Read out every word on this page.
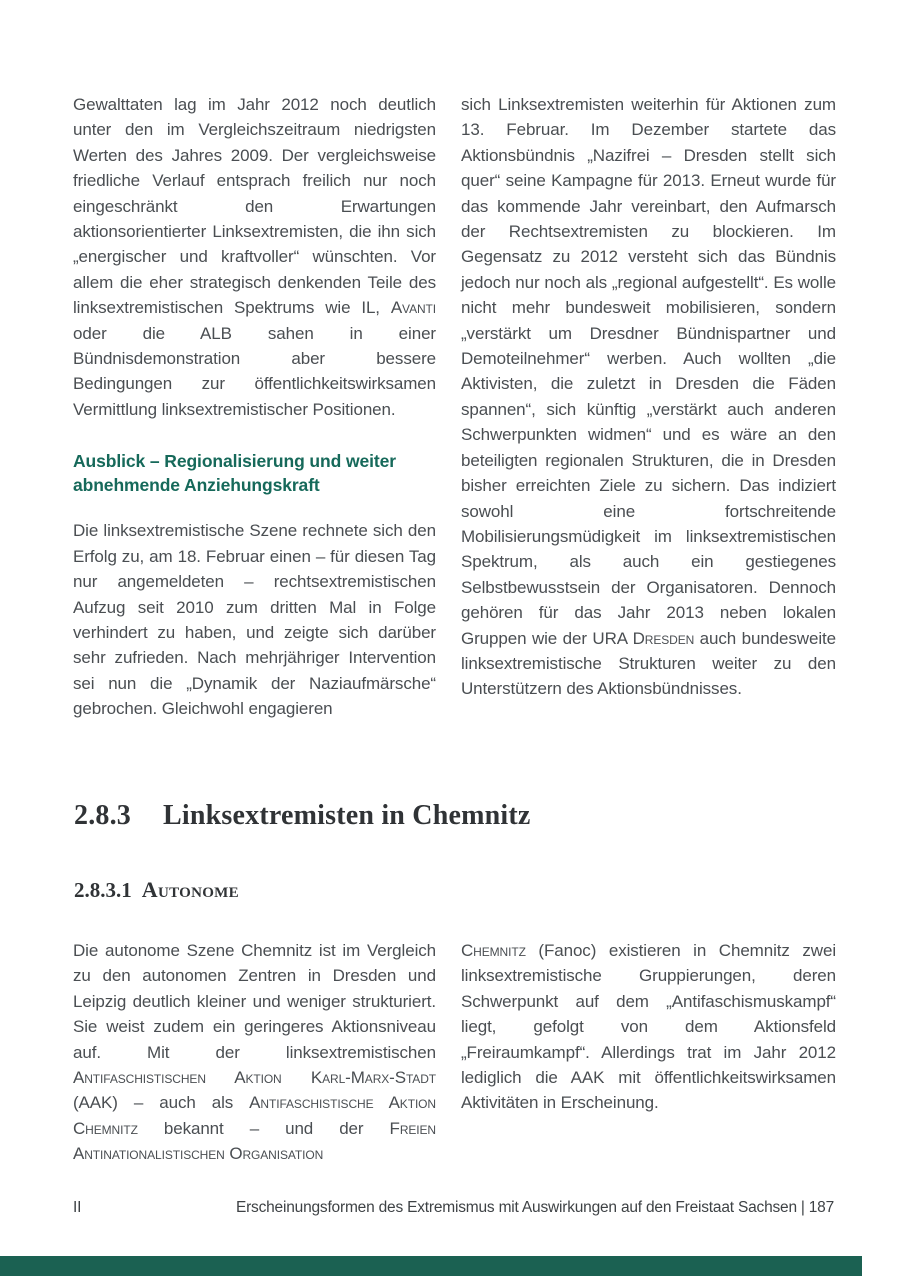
Gewalttaten lag im Jahr 2012 noch deutlich unter den im Vergleichszeitraum niedrigsten Werten des Jahres 2009. Der vergleichsweise friedliche Verlauf entsprach freilich nur noch eingeschränkt den Erwartungen aktionsorientierter Linksextremisten, die ihn sich „energischer und kraftvoller“ wünschten. Vor allem die eher strategisch denkenden Teile des linksextremistischen Spektrums wie IL, Avanti oder die ALB sahen in einer Bündnisdemonstration aber bessere Bedingungen zur öffentlichkeitswirksamen Vermittlung linksextremistischer Positionen.

Ausblick – Regionalisierung und weiter abnehmende Anziehungskraft

Die linksextremistische Szene rechnete sich den Erfolg zu, am 18. Februar einen – für diesen Tag nur angemeldeten – rechtsextremistischen Aufzug seit 2010 zum dritten Mal in Folge verhindert zu haben, und zeigte sich darüber sehr zufrieden. Nach mehrjähriger Intervention sei nun die „Dynamik der Naziaufmärsche“ gebrochen. Gleichwohl engagieren

sich Linksextremisten weiterhin für Aktionen zum 13. Februar. Im Dezember startete das Aktionsbündnis „Nazifrei – Dresden stellt sich quer“ seine Kampagne für 2013. Erneut wurde für das kommende Jahr vereinbart, den Aufmarsch der Rechtsextremisten zu blockieren. Im Gegensatz zu 2012 versteht sich das Bündnis jedoch nur noch als „regional aufgestellt“. Es wolle nicht mehr bundesweit mobilisieren, sondern „verstärkt um Dresdner Bündnispartner und Demoteilnehmer“ werben. Auch wollten „die Aktivisten, die zuletzt in Dresden die Fäden spannen“, sich künftig „verstärkt auch anderen Schwerpunkten widmen“ und es wäre an den beteiligten regionalen Strukturen, die in Dresden bisher erreichten Ziele zu sichern. Das indiziert sowohl eine fortschreitende Mobilisierungsmüdigkeit im linksextremistischen Spektrum, als auch ein gestiegenes Selbstbewusstsein der Organisatoren. Dennoch gehören für das Jahr 2013 neben lokalen Gruppen wie der URA Dresden auch bundesweite linksextremistische Strukturen weiter zu den Unterstützern des Aktionsbündnisses.

2.8.3 Linksextremisten in Chemnitz
2.8.3.1 Autonome

Die autonome Szene Chemnitz ist im Vergleich zu den autonomen Zentren in Dresden und Leipzig deutlich kleiner und weniger strukturiert. Sie weist zudem ein geringeres Aktionsniveau auf. Mit der linksextremistischen Antifaschistischen Aktion Karl-Marx-Stadt (AAK) – auch als Antifaschistische Aktion Chemnitz bekannt – und der Freien Antinationalistischen Organisation

Chemnitz (Fanoc) existieren in Chemnitz zwei linksextremistische Gruppierungen, deren Schwerpunkt auf dem „Antifaschismuskampf“ liegt, gefolgt von dem Aktionsfeld „Freiraumkampf“. Allerdings trat im Jahr 2012 lediglich die AAK mit öffentlichkeitswirksamen Aktivitäten in Erscheinung.

II	Erscheinungsformen des Extremismus mit Auswirkungen auf den Freistaat Sachsen | 187
